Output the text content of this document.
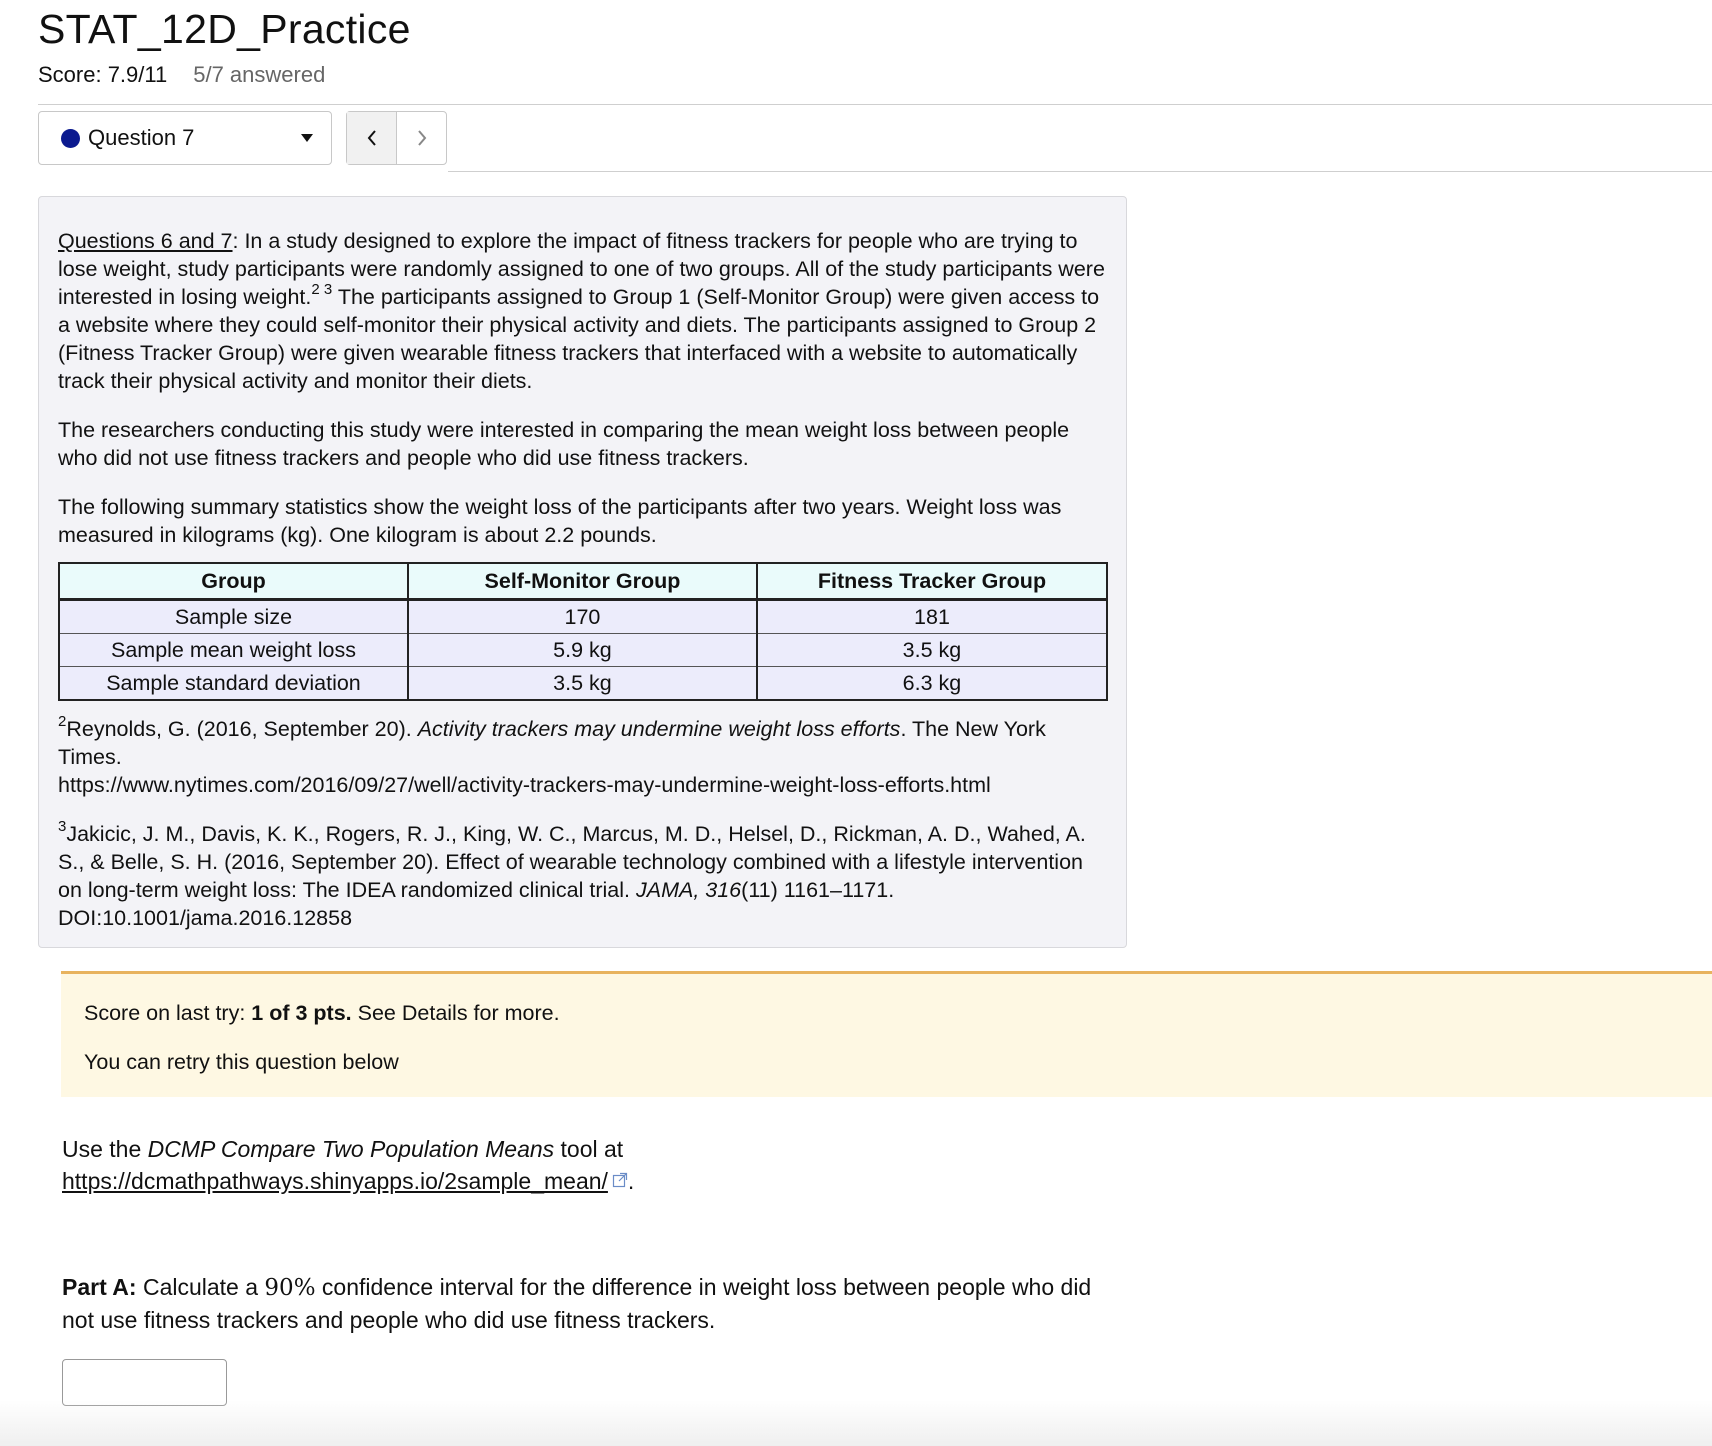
STAT_12D_Practice
Score: 7.9/11 5/7 answered
Question 7

Questions 6 and 7: In a study designed to explore the impact of fitness trackers for people who are trying to lose weight, study participants were randomly assigned to one of two groups. All of the study participants were interested in losing weight.$^{2 3}$ The participants assigned to Group 1 (Self-Monitor Group) were given access to a website where they could self-monitor their physical activity and diets. The participants assigned to Group 2 (Fitness Tracker Group) were given wearable fitness trackers that interfaced with a website to automatically track their physical activity and monitor their diets.

The researchers conducting this study were interested in comparing the mean weight loss between people who did not use fitness trackers and people who did use fitness trackers.

The following summary statistics show the weight loss of the participants after two years. Weight loss was measured in kilograms (kg). One kilogram is about 2.2 pounds.

Group	Self-Monitor Group	Fitness Tracker Group
Sample size	170	181
Sample mean weight loss	5.9 kg	3.5 kg
Sample standard deviation	3.5 kg	6.3 kg

$^2$Reynolds, G. (2016, September 20). Activity trackers may undermine weight loss efforts. The New York Times.
https://www.nytimes.com/2016/09/27/well/activity-trackers-may-undermine-weight-loss-efforts.html

$^3$Jakicic, J. M., Davis, K. K., Rogers, R. J., King, W. C., Marcus, M. D., Helsel, D., Rickman, A. D., Wahed, A. S., & Belle, S. H. (2016, September 20). Effect of wearable technology combined with a lifestyle intervention on long-term weight loss: The IDEA randomized clinical trial. JAMA, 316(11) 1161–1171.
DOI:10.1001/jama.2016.12858

Score on last try: 1 of 3 pts. See Details for more.
You can retry this question below
Use the DCMP Compare Two Population Means tool at
https://dcmathpathways.shinyapps.io/2sample_mean/ .
Part A: Calculate a 90% confidence interval for the difference in weight loss between people who did not use fitness trackers and people who did use fitness trackers.
